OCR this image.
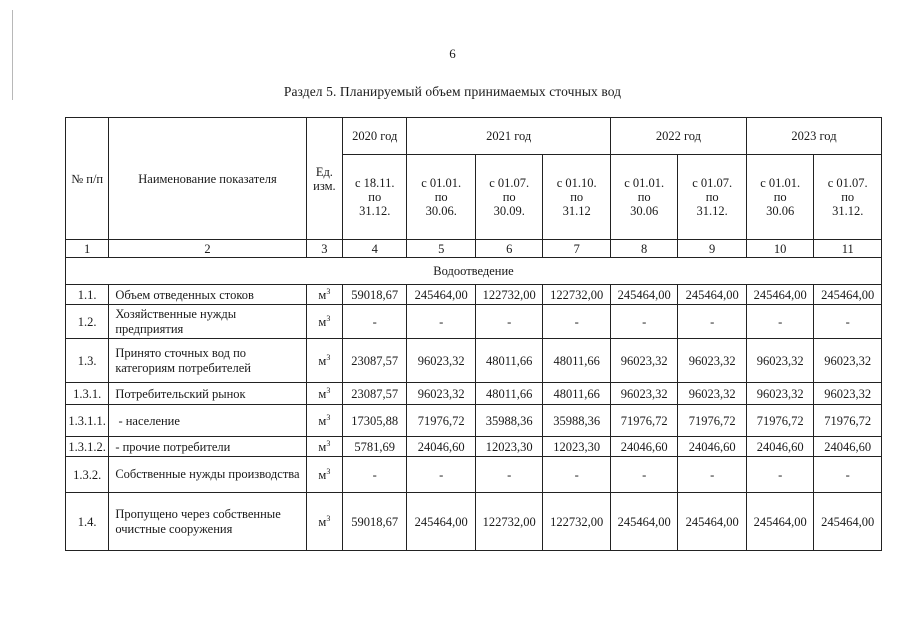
6
Раздел 5. Планируемый объем принимаемых сточных вод
№ п/п	Наименование показателя	Ед. изм.	2020 год	2021 год			2022 год		2023 год	
			с 18.11.
по
31.12.	с 01.01.
по
30.06.	с 01.07.
по
30.09.	с 01.10.
по
31.12	с 01.01.
по
30.06	с 01.07.
по
31.12.	с 01.01.
по
30.06	с 01.07.
по
31.12.
1	2	3	4	5	6	7	8	9	10	11
Водоотведение										
1.1.	Объем отведенных стоков	$м^3$	59018,67	245464,00	122732,00	122732,00	245464,00	245464,00	245464,00	245464,00
1.2.	Хозяйственные нужды предприятия	$м^3$	-	-	-	-	-	-	-	-
1.3.	Принято сточных вод по категориям потребителей	$м^3$	23087,57	96023,32	48011,66	48011,66	96023,32	96023,32	96023,32	96023,32
1.3.1.	Потребительский рынок	$м^3$	23087,57	96023,32	48011,66	48011,66	96023,32	96023,32	96023,32	96023,32
1.3.1.1.	- население	$м^3$	17305,88	71976,72	35988,36	35988,36	71976,72	71976,72	71976,72	71976,72
1.3.1.2.	- прочие потребители	$м^3$	5781,69	24046,60	12023,30	12023,30	24046,60	24046,60	24046,60	24046,60
1.3.2.	Собственные нужды производства	$м^3$	-	-	-	-	-	-	-	-
1.4.	Пропущено через собственные очистные сооружения	$м^3$	59018,67	245464,00	122732,00	122732,00	245464,00	245464,00	245464,00	245464,00
